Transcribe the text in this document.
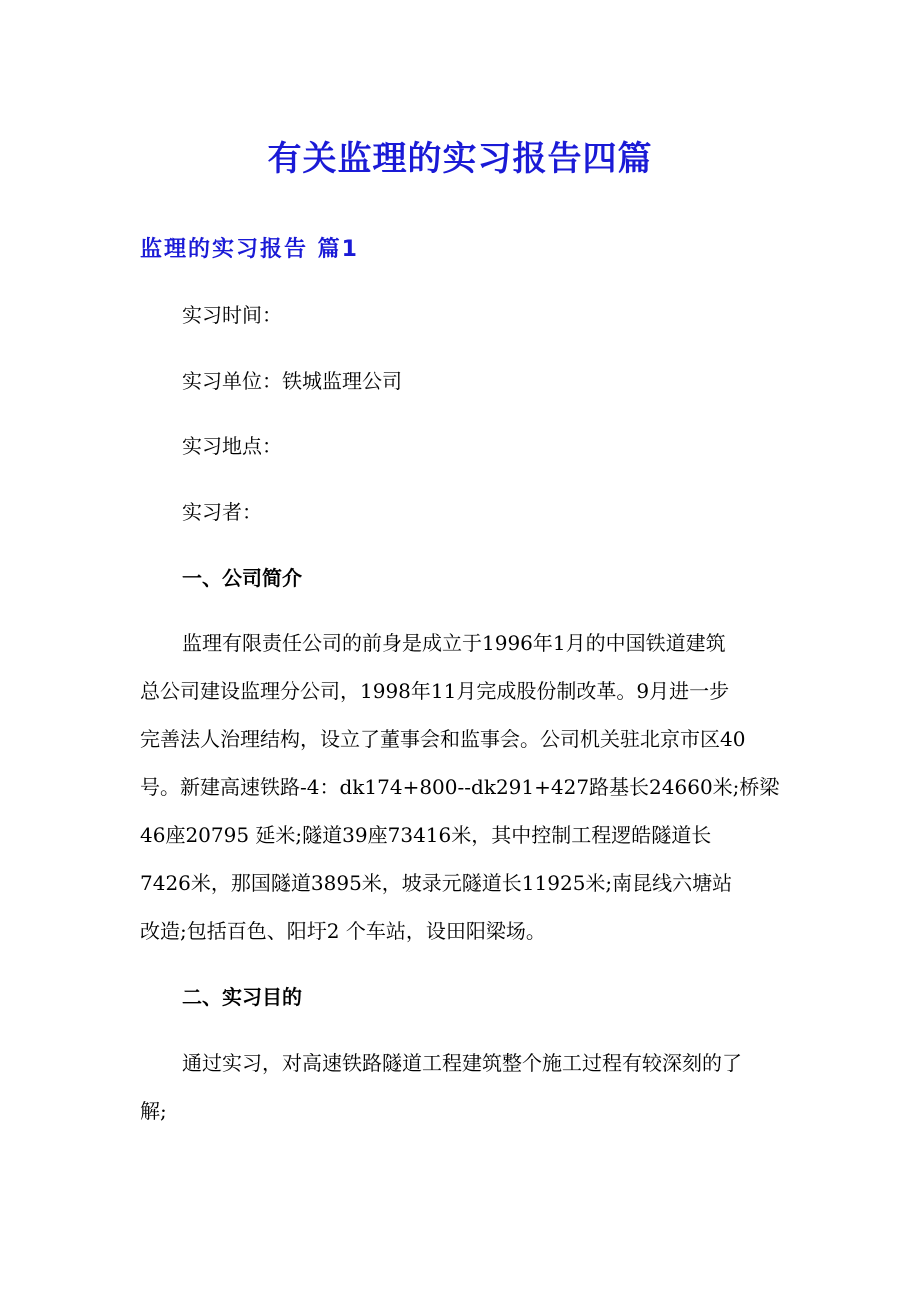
有关监理的实习报告四篇
监理的实习报告 篇1

实习时间：

实习单位：铁城监理公司

实习地点：

实习者：

一、公司简介

监理有限责任公司的前身是成立于1996年1月的中国铁道建筑

总公司建设监理分公司，1998年11月完成股份制改革。9月进一步

完善法人治理结构，设立了董事会和监事会。公司机关驻北京市区40

号。新建高速铁路-4：dk174+800--dk291+427路基长24660米;桥梁

46座20795 延米;隧道39座73416米，其中控制工程逻皓隧道长

7426米，那国隧道3895米，坡录元隧道长11925米;南昆线六塘站

改造;包括百色、阳圩2 个车站，设田阳梁场。

二、实习目的

通过实习，对高速铁路隧道工程建筑整个施工过程有较深刻的了

解;
